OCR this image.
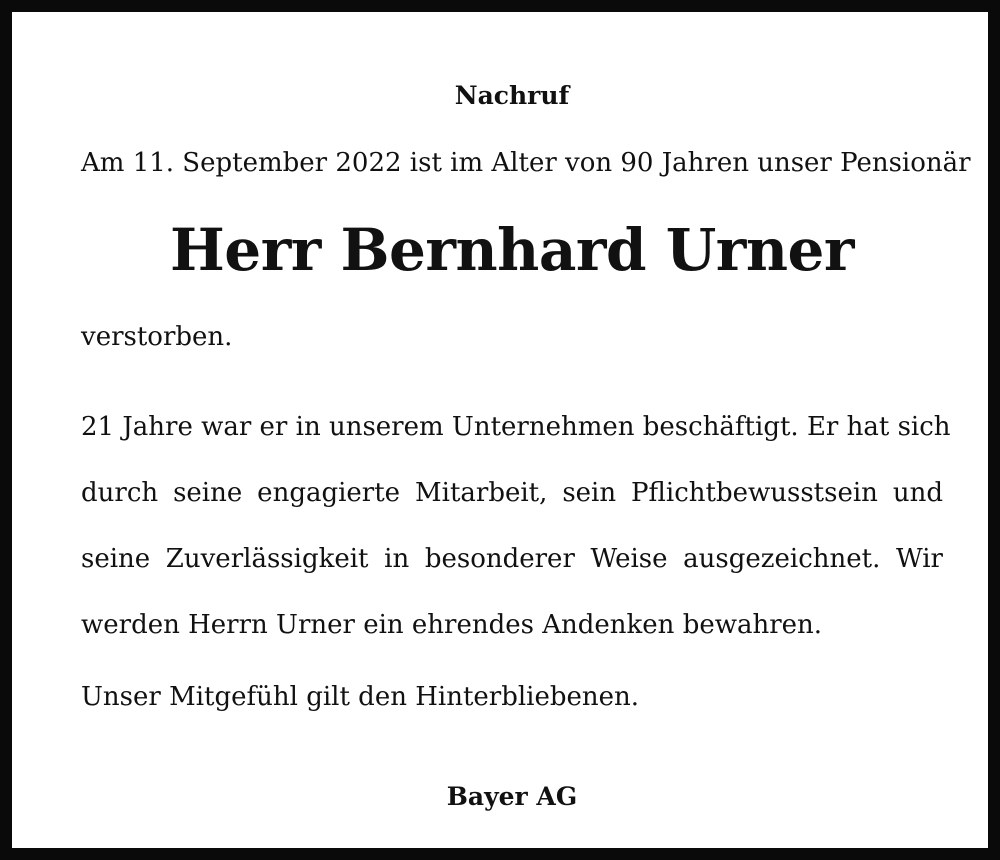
Nachruf

Am 11. September 2022 ist im Alter von 90 Jahren unser Pensionär

Herr Bernhard Urner

verstorben.

21 Jahre war er in unserem Unternehmen beschäftigt. Er hat sich
durch seine engagierte Mitarbeit, sein Pflichtbewusstsein und
seine Zuverlässigkeit in besonderer Weise ausgezeichnet. Wir
werden Herrn Urner ein ehrendes Andenken bewahren.

Unser Mitgefühl gilt den Hinterbliebenen.

Bayer AG
